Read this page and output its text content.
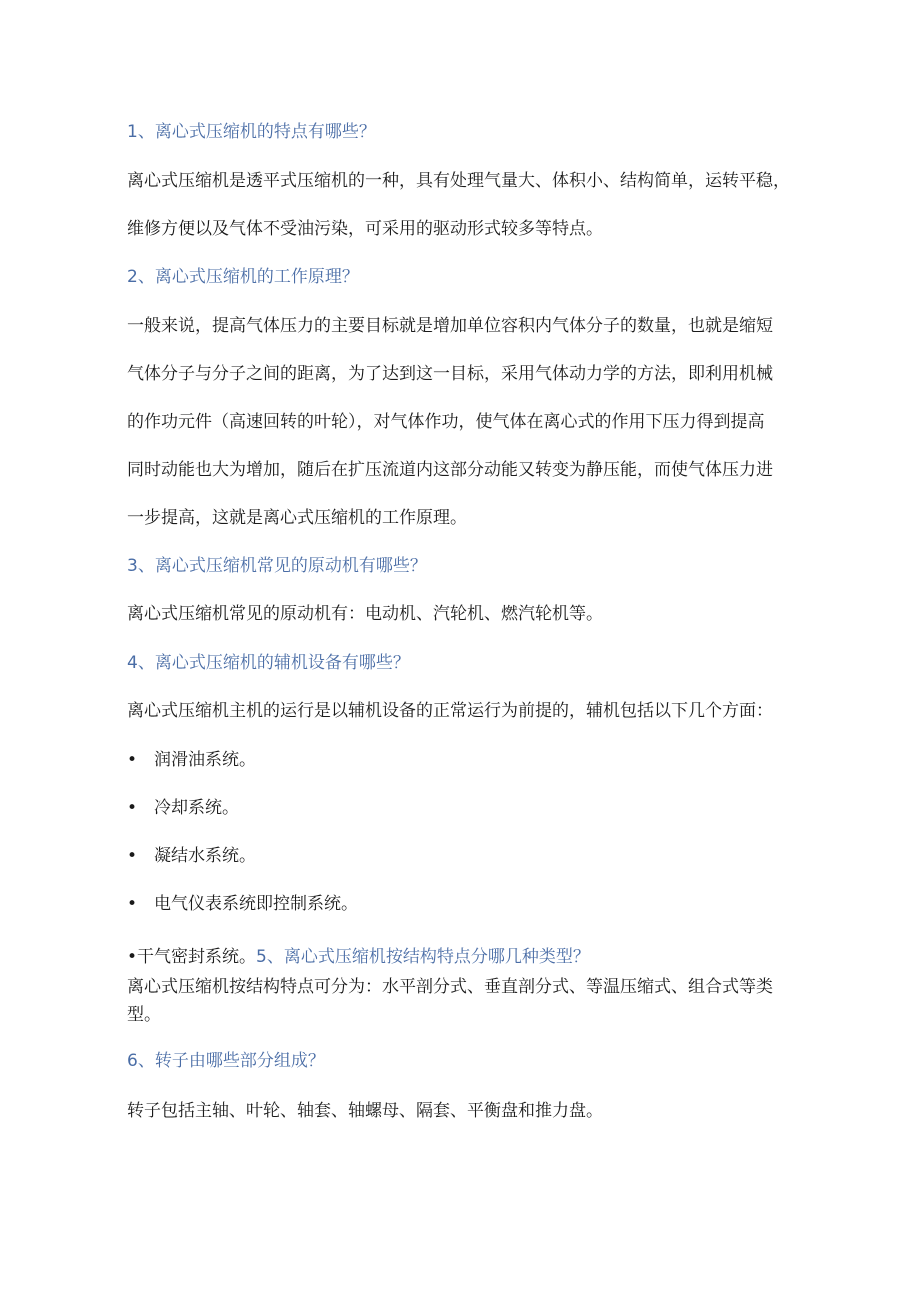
1、离心式压缩机的特点有哪些？
离心式压缩机是透平式压缩机的一种，具有处理气量大、体积小、结构简单，运转平稳，
维修方便以及气体不受油污染，可采用的驱动形式较多等特点。
2、离心式压缩机的工作原理？
一般来说，提高气体压力的主要目标就是增加单位容积内气体分子的数量，也就是缩短
气体分子与分子之间的距离，为了达到这一目标，采用气体动力学的方法，即利用机械
的作功元件（高速回转的叶轮），对气体作功，使气体在离心式的作用下压力得到提高
同时动能也大为增加，随后在扩压流道内这部分动能又转变为静压能，而使气体压力进
一步提高，这就是离心式压缩机的工作原理。
3、离心式压缩机常见的原动机有哪些？
离心式压缩机常见的原动机有：电动机、汽轮机、燃汽轮机等。
4、离心式压缩机的辅机设备有哪些？
离心式压缩机主机的运行是以辅机设备的正常运行为前提的，辅机包括以下几个方面：
• 润滑油系统。
• 冷却系统。
• 凝结水系统。
• 电气仪表系统即控制系统。
•干气密封系统。5、离心式压缩机按结构特点分哪几种类型？
离心式压缩机按结构特点可分为：水平剖分式、垂直剖分式、等温压缩式、组合式等类
型。
6、转子由哪些部分组成？
转子包括主轴、叶轮、轴套、轴螺母、隔套、平衡盘和推力盘。
